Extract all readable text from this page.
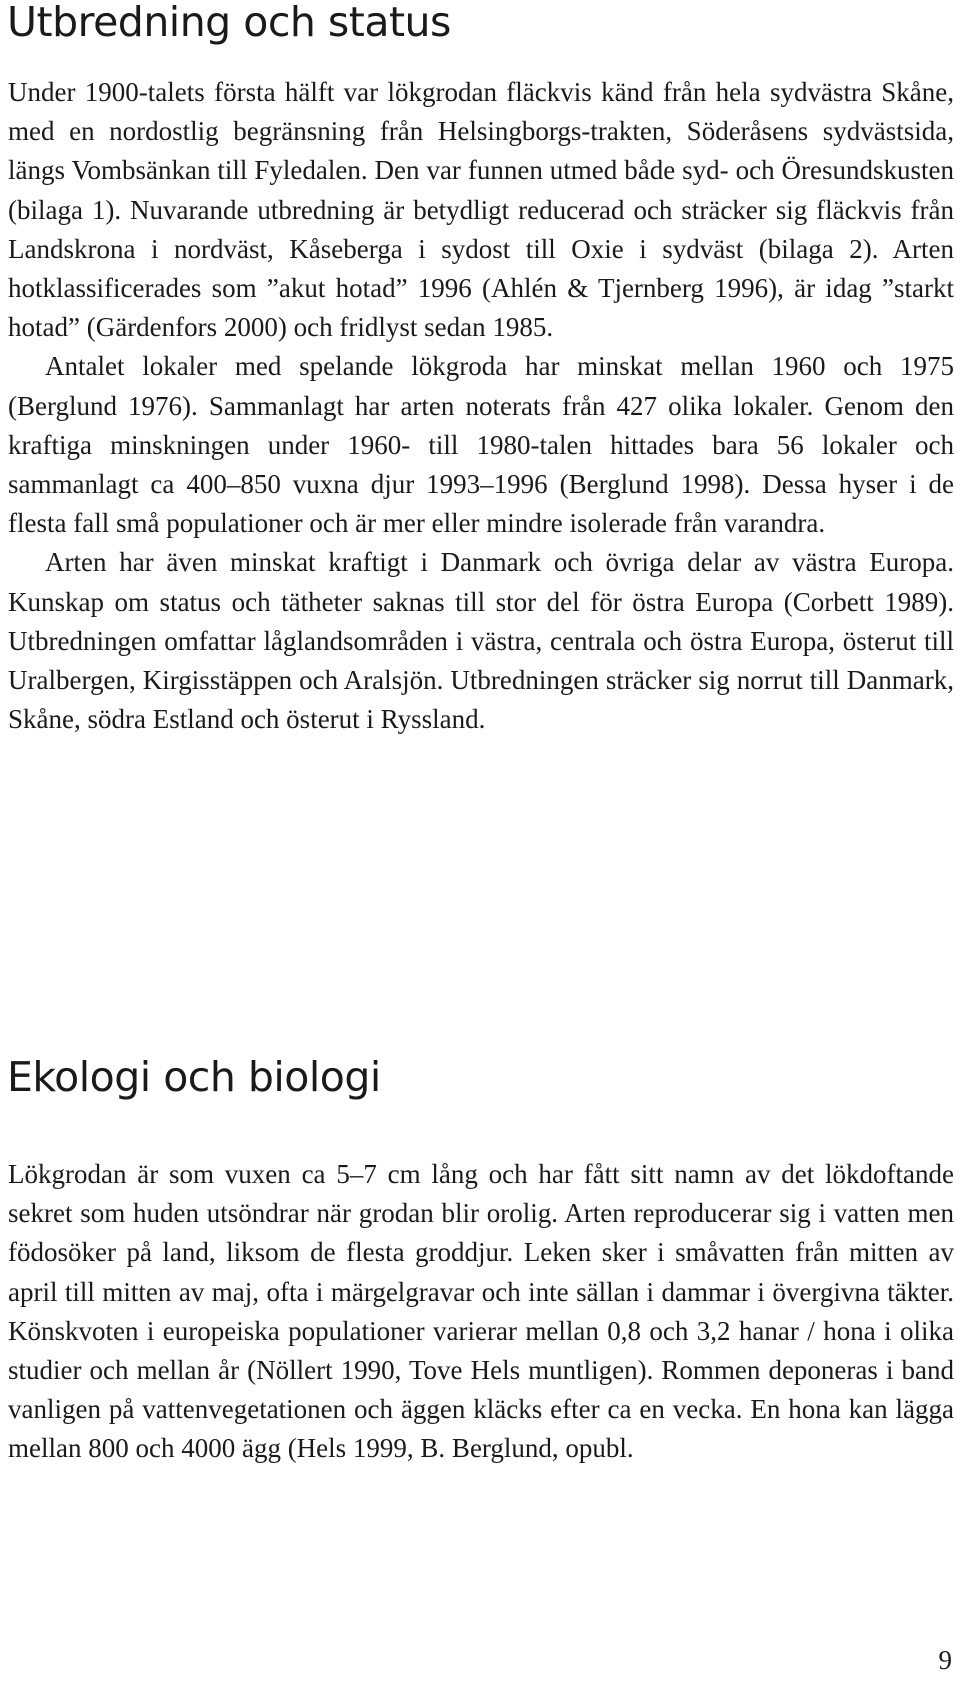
Utbredning och status

Under 1900-talets första hälft var lökgrodan fläckvis känd från hela sydvästra Skåne, med en nordostlig begränsning från Helsingborgs-trakten, Söderåsens sydvästsida, längs Vombsänkan till Fyledalen. Den var funnen utmed både syd- och Öresundskusten (bilaga 1). Nuvarande utbredning är betydligt reducerad och sträcker sig fläckvis från Landskrona i nordväst, Kåseberga i sydost till Oxie i sydväst (bilaga 2). Arten hotklassificerades som ”akut hotad” 1996 (Ahlén & Tjernberg 1996), är idag ”starkt hotad” (Gärdenfors 2000) och fridlyst sedan 1985.

Antalet lokaler med spelande lökgroda har minskat mellan 1960 och 1975 (Berglund 1976). Sammanlagt har arten noterats från 427 olika lokaler. Genom den kraftiga minskningen under 1960- till 1980-talen hittades bara 56 lokaler och sammanlagt ca 400–850 vuxna djur 1993–1996 (Berglund 1998). Dessa hyser i de flesta fall små populationer och är mer eller mindre isolerade från varandra.

Arten har även minskat kraftigt i Danmark och övriga delar av västra Europa. Kunskap om status och tätheter saknas till stor del för östra Europa (Corbett 1989). Utbredningen omfattar låglandsområden i västra, centrala och östra Europa, österut till Uralbergen, Kirgisstäppen och Aralsjön. Utbredningen sträcker sig norrut till Danmark, Skåne, södra Estland och österut i Ryssland.

Ekologi och biologi

Lökgrodan är som vuxen ca 5–7 cm lång och har fått sitt namn av det lökdoftande sekret som huden utsöndrar när grodan blir orolig. Arten reproducerar sig i vatten men födosöker på land, liksom de flesta groddjur. Leken sker i småvatten från mitten av april till mitten av maj, ofta i märgelgravar och inte sällan i dammar i övergivna täkter. Könskvoten i europeiska populationer varierar mellan 0,8 och 3,2 hanar / hona i olika studier och mellan år (Nöllert 1990, Tove Hels muntligen). Rommen deponeras i band vanligen på vattenvegetationen och äggen kläcks efter ca en vecka. En hona kan lägga mellan 800 och 4000 ägg (Hels 1999, B. Berglund, opubl.

9
